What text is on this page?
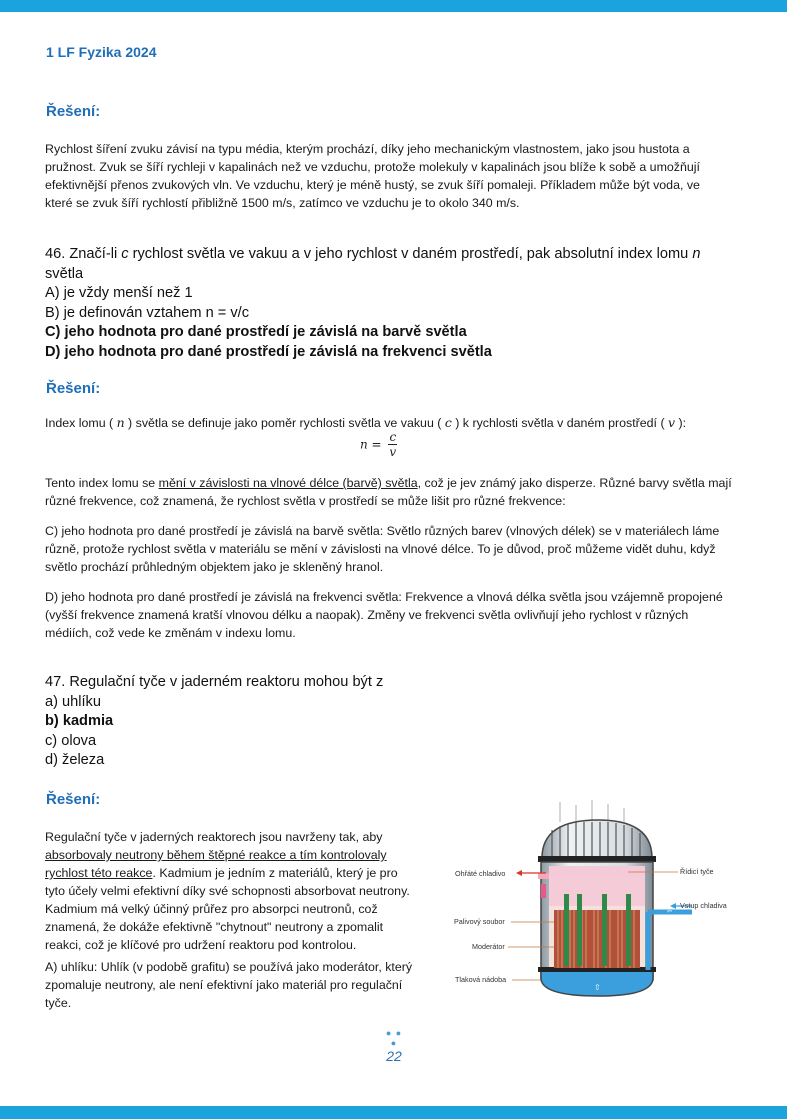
1 LF Fyzika 2024
Řešení:
Rychlost šíření zvuku závisí na typu média, kterým prochází, díky jeho mechanickým vlastnostem, jako jsou hustota a
pružnost. Zvuk se šíří rychleji v kapalinách než ve vzduchu, protože molekuly v kapalinách jsou blíže k sobě a umožňují
efektivnější přenos zvukových vln. Ve vzduchu, který je méně hustý, se zvuk šíří pomaleji. Příkladem může být voda, ve
které se zvuk šíří rychlostí přibližně 1500 m/s, zatímco ve vzduchu je to okolo 340 m/s.
46. Značí-li c rychlost světla ve vakuu a v jeho rychlost v daném prostředí, pak absolutní index lomu n
světla
A) je vždy menší než 1
B) je definován vztahem n = v/c
C) jeho hodnota pro dané prostředí je závislá na barvě světla
D) jeho hodnota pro dané prostředí je závislá na frekvenci světla
Řešení:
Index lomu ( n ) světla se definuje jako poměr rychlosti světla ve vakuu ( c ) k rychlosti světla v daném prostředí ( v ):
$n = \frac{c}{v}$
Tento index lomu se mění v závislosti na vlnové délce (barvě) světla, což je jev známý jako disperze. Různé barvy světla mají
různé frekvence, což znamená, že rychlost světla v prostředí se může lišit pro různé frekvence:
C) jeho hodnota pro dané prostředí je závislá na barvě světla: Světlo různých barev (vlnových délek) se v materiálech láme
různě, protože rychlost světla v materiálu se mění v závislosti na vlnové délce. To je důvod, proč můžeme vidět duhu, když
světlo prochází průhledným objektem jako je skleněný hranol.
D) jeho hodnota pro dané prostředí je závislá na frekvenci světla: Frekvence a vlnová délka světla jsou vzájemně propojené
(vyšší frekvence znamená kratší vlnovou délku a naopak). Změny ve frekvenci světla ovlivňují jeho rychlost v různých
médiích, což vede ke změnám v indexu lomu.
47. Regulační tyče v jaderném reaktoru mohou být z
a) uhlíku
b) kadmia
c) olova
d) železa
Řešení:
Regulační tyče v jaderných reaktorech jsou navrženy tak, aby
absorbovaly neutrony během štěpné reakce a tím kontrolovaly
rychlost této reakce. Kadmium je jedním z materiálů, který je pro
tyto účely velmi efektivní díky své schopnosti absorbovat neutrony.
Kadmium má velký účinný průřez pro absorpci neutronů, což
znamená, že dokáže efektivně "chytnout" neutrony a zpomalit
reakci, což je klíčové pro udržení reaktoru pod kontrolou.
A) uhlíku: Uhlík (v podobě grafitu) se používá jako moderátor, který
zpomaluje neutrony, ale není efektivní jako materiál pro regulační
tyče.
⇧
⇦
Ohřáté chladivo	Řídicí tyče
Vstup chladiva
Palivový soubor
Moderátor
Tlaková nádoba
● ● ●
22
